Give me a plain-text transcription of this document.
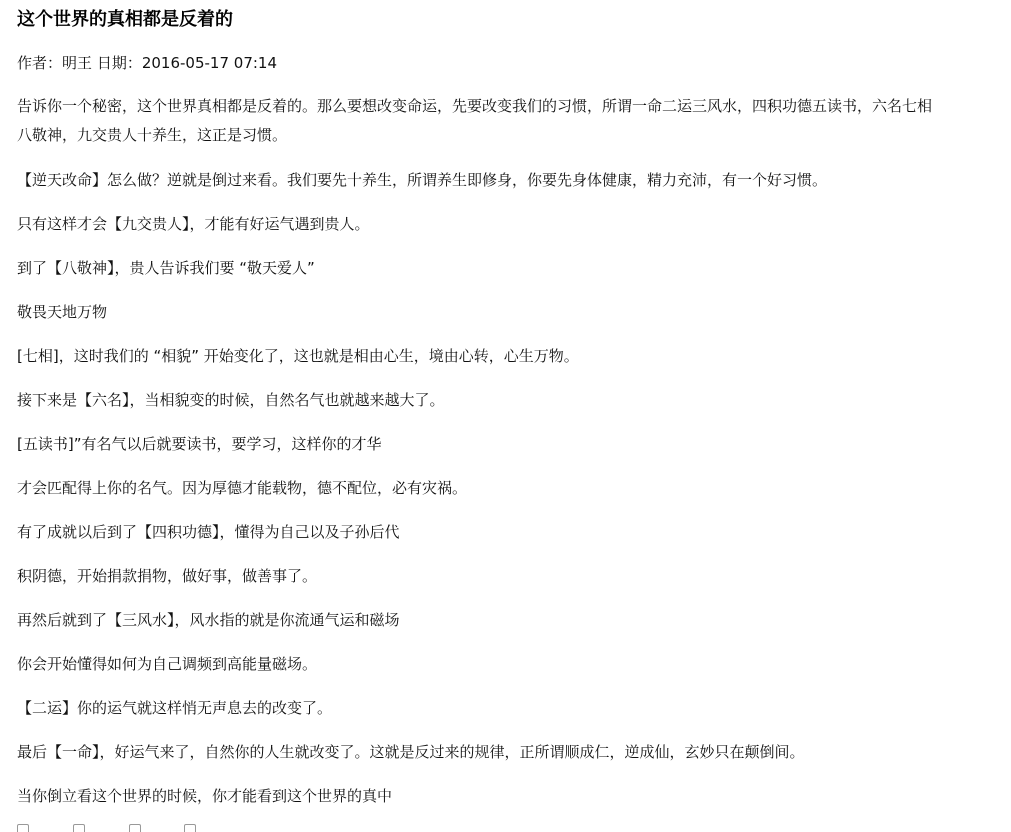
这个世界的真相都是反着的
作者：明王 日期：2016-05-17 07:14

告诉你一个秘密，这个世界真相都是反着的。那么要想改变命运，先要改变我们的习惯，所谓一命二运三风水，四积功德五读书，六名七相

八敬神，九交贵人十养生，这正是习惯。

【逆天改命】怎么做？逆就是倒过来看。我们要先十养生，所谓养生即修身，你要先身体健康，精力充沛，有一个好习惯。

只有这样才会【九交贵人】，才能有好运气遇到贵人。

到了【八敬神】，贵人告诉我们要 “敬天爱人”

敬畏天地万物

[七相]，这时我们的 “相貌” 开始变化了，这也就是相由心生，境由心转，心生万物。

接下来是【六名】，当相貌变的时候，自然名气也就越来越大了。

[五读书]”有名气以后就要读书，要学习，这样你的才华

才会匹配得上你的名气。因为厚德才能载物，德不配位，必有灾祸。

有了成就以后到了【四积功德】，懂得为自己以及子孙后代

积阴德，开始捐款捐物，做好事，做善事了。

再然后就到了【三风水】，风水指的就是你流通气运和磁场

你会开始懂得如何为自己调频到高能量磁场。

【二运】你的运气就这样悄无声息去的改变了。

最后【一命】，好运气来了，自然你的人生就改变了。这就是反过来的规律，正所谓顺成仁，逆成仙，玄妙只在颠倒间。

当你倒立看这个世界的时候，你才能看到这个世界的真中
